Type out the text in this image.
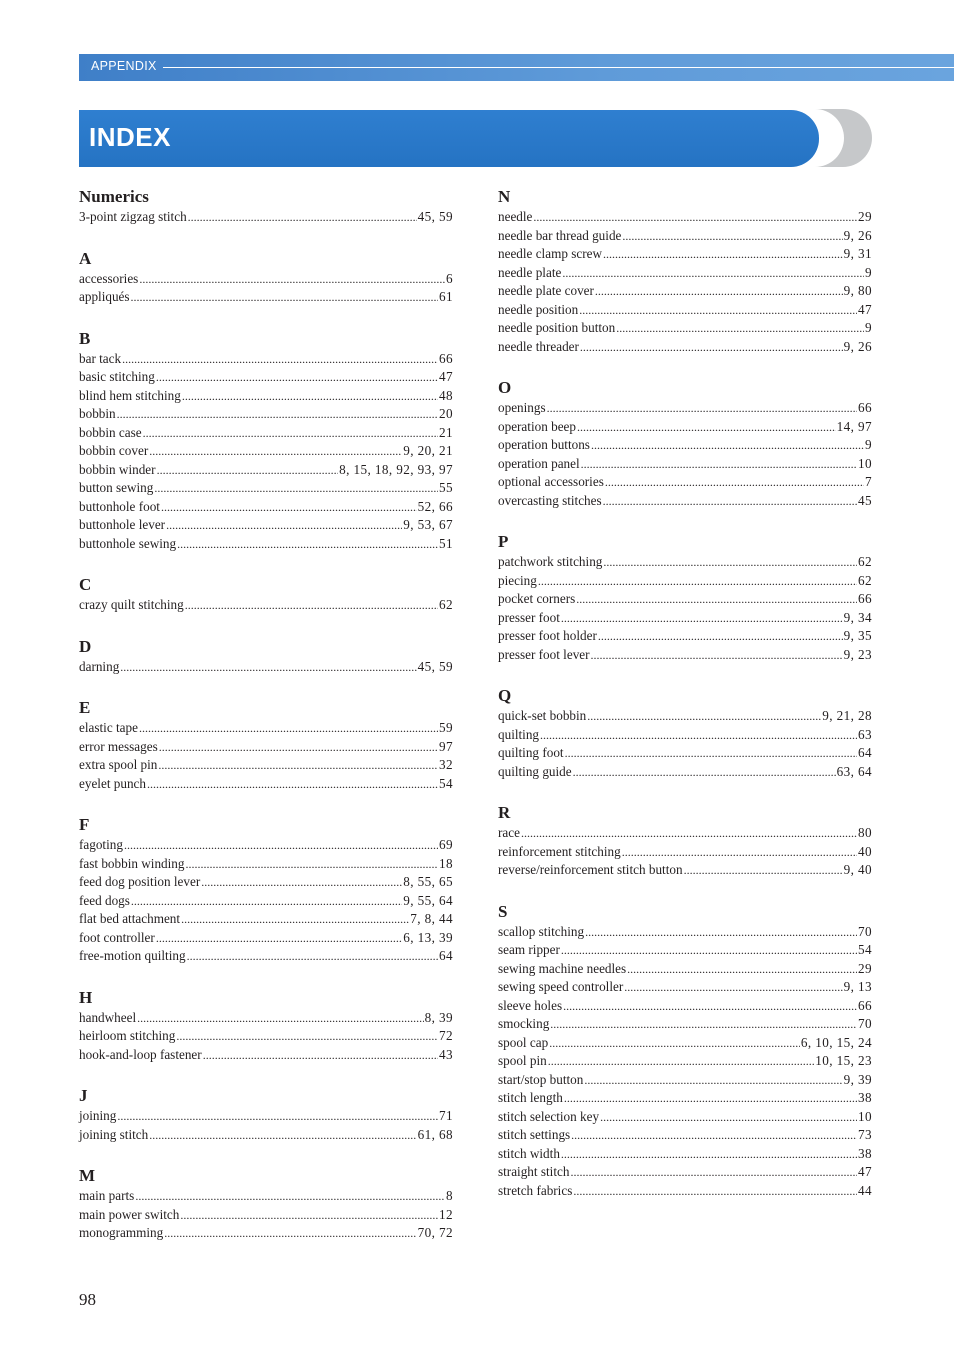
APPENDIX
INDEX
Numerics
3-point zigzag stitch .....	45, 59
A
accessories .....	6
appliqués .....	61
B
bar tack .....	66
basic stitching .....	47
blind hem stitching .....	48
bobbin .....	20
bobbin case .....	21
bobbin cover .....	9, 20, 21
bobbin winder .....	8, 15, 18, 92, 93, 97
button sewing .....	55
buttonhole foot .....	52, 66
buttonhole lever .....	9, 53, 67
buttonhole sewing .....	51
C
crazy quilt stitching .....	62
D
darning .....	45, 59
E
elastic tape .....	59
error messages .....	97
extra spool pin .....	32
eyelet punch .....	54
F
fagoting .....	69
fast bobbin winding .....	18
feed dog position lever .....	8, 55, 65
feed dogs .....	9, 55, 64
flat bed attachment .....	7, 8, 44
foot controller .....	6, 13, 39
free-motion quilting .....	64
H
handwheel .....	8, 39
heirloom stitching .....	72
hook-and-loop fastener .....	43
J
joining .....	71
joining stitch .....	61, 68
M
main parts .....	8
main power switch .....	12
monogramming .....	70, 72
N
needle .....	29
needle bar thread guide .....	9, 26
needle clamp screw .....	9, 31
needle plate .....	9
needle plate cover .....	9, 80
needle position .....	47
needle position button .....	9
needle threader .....	9, 26
O
openings .....	66
operation beep .....	14, 97
operation buttons .....	9
operation panel .....	10
optional accessories .....	7
overcasting stitches .....	45
P
patchwork stitching .....	62
piecing .....	62
pocket corners .....	66
presser foot .....	9, 34
presser foot holder .....	9, 35
presser foot lever .....	9, 23
Q
quick-set bobbin .....	9, 21, 28
quilting .....	63
quilting foot .....	64
quilting guide .....	63, 64
R
race .....	80
reinforcement stitching .....	40
reverse/reinforcement stitch button .....	9, 40
S
scallop stitching .....	70
seam ripper .....	54
sewing machine needles .....	29
sewing speed controller .....	9, 13
sleeve holes .....	66
smocking .....	70
spool cap .....	6, 10, 15, 24
spool pin .....	10, 15, 23
start/stop button .....	9, 39
stitch length .....	38
stitch selection key .....	10
stitch settings .....	73
stitch width .....	38
straight stitch .....	47
stretch fabrics .....	44
98
